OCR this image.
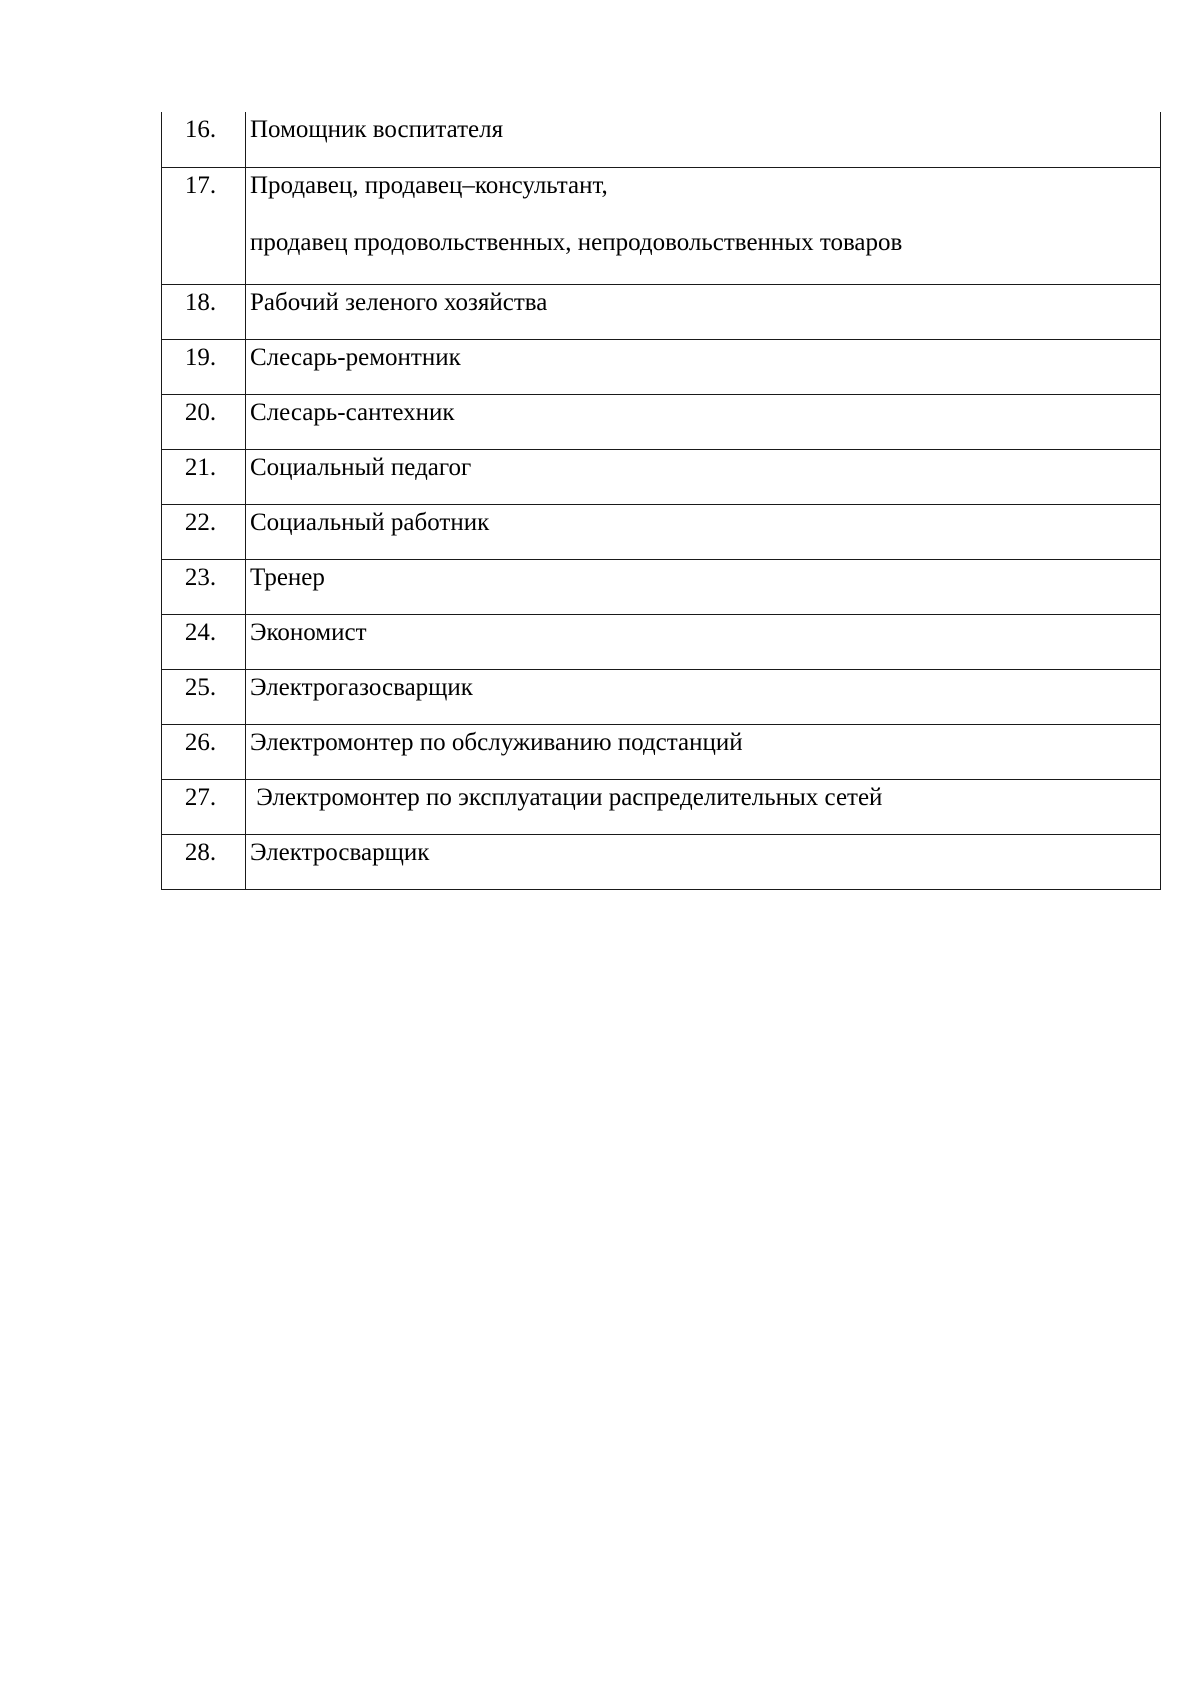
16.	Помощник воспитателя

17.	Продавец, продавец–консультант,
продавец продовольственных, непродовольственных товаров

18.	Рабочий зеленого хозяйства

19.	Слесарь-ремонтник

20.	Слесарь-сантехник

21.	Социальный педагог

22.	Социальный работник

23.	Тренер

24.	Экономист

25.	Электрогазосварщик

26.	Электромонтер по обслуживанию подстанций

27.	Электромонтер по эксплуатации распределительных сетей

28.	Электросварщик
